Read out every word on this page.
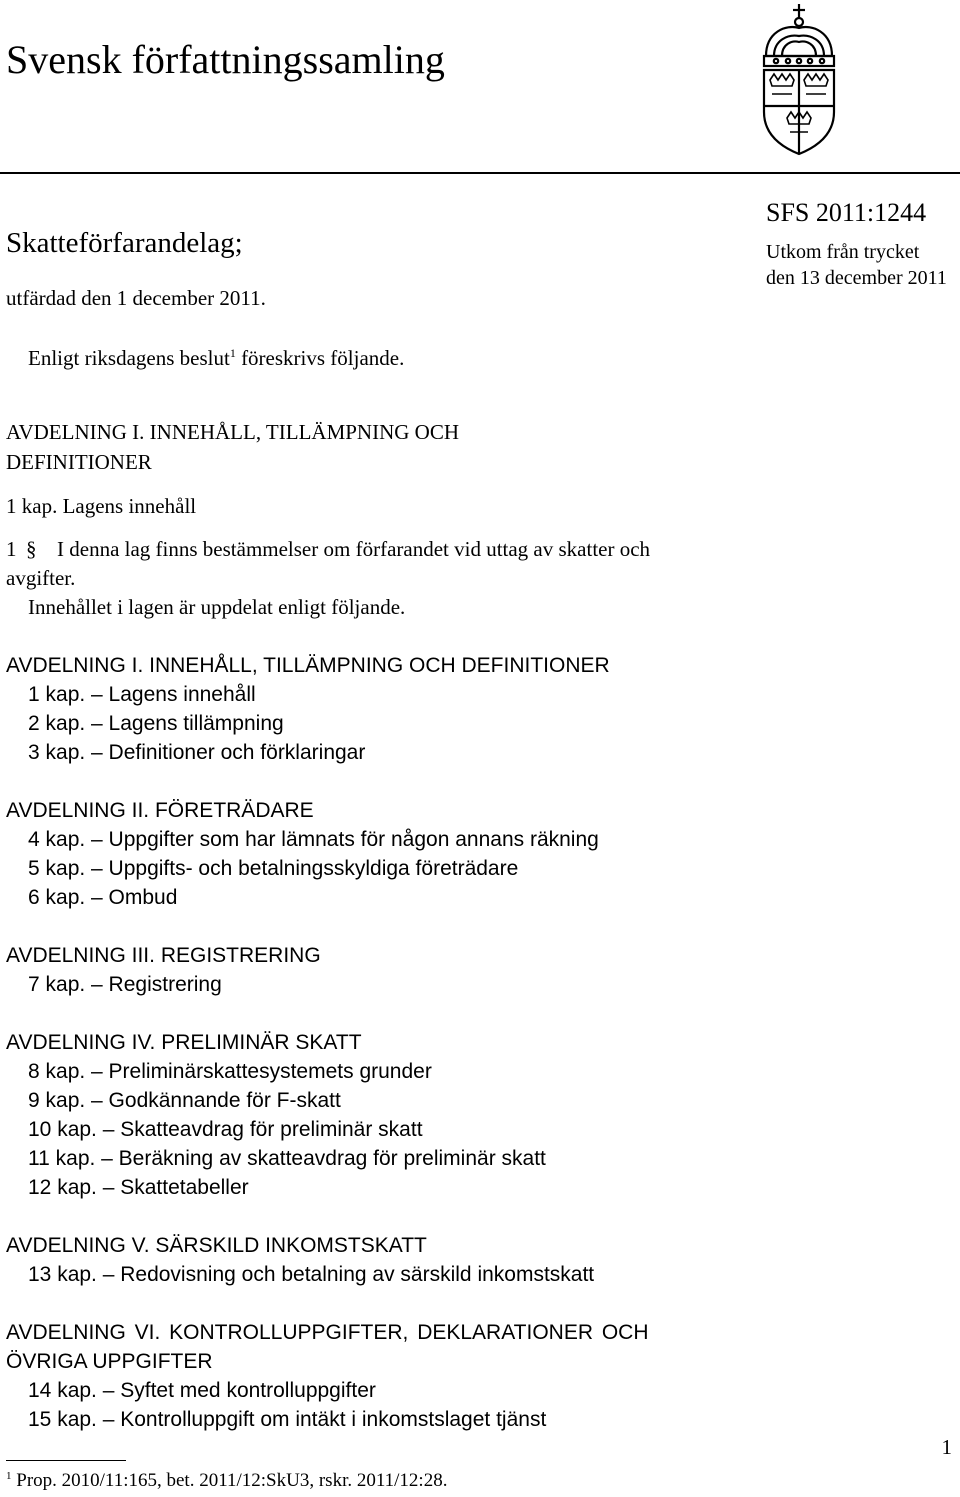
Svensk författningssamling
Skatteförfarandelag;
utfärdad den 1 december 2011.
SFS 2011:1244
Utkom från trycket
den 13 december 2011
Enligt riksdagens beslut$^1$ föreskrivs följande.
AVDELNING I. INNEHÅLL, TILLÄMPNING OCH
DEFINITIONER
1 kap. Lagens innehåll
1 § I denna lag finns bestämmelser om förfarandet vid uttag av skatter och
avgifter.
Innehållet i lagen är uppdelat enligt följande.
AVDELNING I. INNEHÅLL, TILLÄMPNING OCH DEFINITIONER
1 kap. – Lagens innehåll
2 kap. – Lagens tillämpning
3 kap. – Definitioner och förklaringar
AVDELNING II. FÖRETRÄDARE
4 kap. – Uppgifter som har lämnats för någon annans räkning
5 kap. – Uppgifts- och betalningsskyldiga företrädare
6 kap. – Ombud
AVDELNING III. REGISTRERING
7 kap. – Registrering
AVDELNING IV. PRELIMINÄR SKATT
8 kap. – Preliminärskattesystemets grunder
9 kap. – Godkännande för F-skatt
10 kap. – Skatteavdrag för preliminär skatt
11 kap. – Beräkning av skatteavdrag för preliminär skatt
12 kap. – Skattetabeller
AVDELNING V. SÄRSKILD INKOMSTSKATT
13 kap. – Redovisning och betalning av särskild inkomstskatt
AVDELNING VI. KONTROLLUPPGIFTER, DEKLARATIONER OCH
ÖVRIGA UPPGIFTER
14 kap. – Syftet med kontrolluppgifter
15 kap. – Kontrolluppgift om intäkt i inkomstslaget tjänst
1
$^1$ Prop. 2010/11:165, bet. 2011/12:SkU3, rskr. 2011/12:28.
